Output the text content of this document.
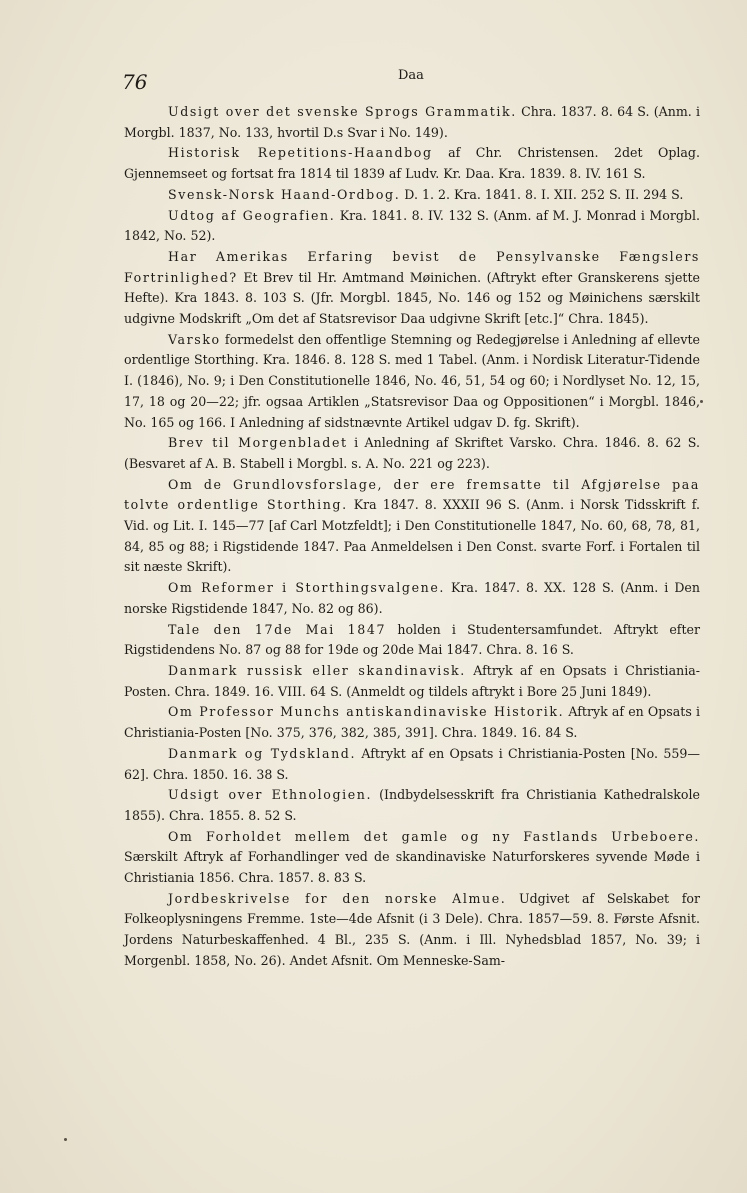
76	Daa

Udsigt over det svenske Sprogs Grammatik. Chra. 1837. 8. 64 S. (Anm. i Morgbl. 1837, No. 133, hvortil D.s Svar i No. 149).

Historisk Repetitions-Haandbog af Chr. Christensen. 2det Oplag. Gjennemseet og fortsat fra 1814 til 1839 af Ludv. Kr. Daa. Kra. 1839. 8. IV. 161 S.

Svensk-Norsk Haand-Ordbog. D. 1. 2. Kra. 1841. 8. I. XII. 252 S. II. 294 S.

Udtog af Geografien. Kra. 1841. 8. IV. 132 S. (Anm. af M. J. Monrad i Morgbl. 1842, No. 52).

Har Amerikas Erfaring bevist de Pensylvanske Fængslers Fortrinlighed? Et Brev til Hr. Amtmand Møinichen. (Aftrykt efter Granskerens sjette Hefte). Kra 1843. 8. 103 S. (Jfr. Morgbl. 1845, No. 146 og 152 og Møinichens særskilt udgivne Modskrift „Om det af Statsrevisor Daa udgivne Skrift [etc.]“ Chra. 1845).

Varsko formedelst den offentlige Stemning og Redegjørelse i Anledning af ellevte ordentlige Storthing. Kra. 1846. 8. 128 S. med 1 Tabel. (Anm. i Nordisk Literatur-Tidende I. (1846), No. 9; i Den Constitutionelle 1846, No. 46, 51, 54 og 60; i Nordlyset No. 12, 15, 17, 18 og 20—22; jfr. ogsaa Artiklen „Statsrevisor Daa og Oppositionen“ i Morgbl. 1846, No. 165 og 166. I Anledning af sidstnævnte Artikel udgav D. fg. Skrift).

Brev til Morgenbladet i Anledning af Skriftet Varsko. Chra. 1846. 8. 62 S. (Besvaret af A. B. Stabell i Morgbl. s. A. No. 221 og 223).

Om de Grundlovsforslage, der ere fremsatte til Afgjørelse paa tolvte ordentlige Storthing. Kra 1847. 8. XXXII 96 S. (Anm. i Norsk Tidsskrift f. Vid. og Lit. I. 145—77 [af Carl Motzfeldt]; i Den Constitutionelle 1847, No. 60, 68, 78, 81, 84, 85 og 88; i Rigstidende 1847. Paa Anmeldelsen i Den Const. svarte Forf. i Fortalen til sit næste Skrift).

Om Reformer i Storthingsvalgene. Kra. 1847. 8. XX. 128 S. (Anm. i Den norske Rigstidende 1847, No. 82 og 86).

Tale den 17de Mai 1847 holden i Studentersamfundet. Aftrykt efter Rigstidendens No. 87 og 88 for 19de og 20de Mai 1847. Chra. 8. 16 S.

Danmark russisk eller skandinavisk. Aftryk af en Opsats i Christiania-Posten. Chra. 1849. 16. VIII. 64 S. (Anmeldt og tildels aftrykt i Bore 25 Juni 1849).

Om Professor Munchs antiskandinaviske Historik. Aftryk af en Opsats i Christiania-Posten [No. 375, 376, 382, 385, 391]. Chra. 1849. 16. 84 S.

Danmark og Tydskland. Aftrykt af en Opsats i Christiania-Posten [No. 559—62]. Chra. 1850. 16. 38 S.

Udsigt over Ethnologien. (Indbydelsesskrift fra Christiania Kathedralskole 1855). Chra. 1855. 8. 52 S.

Om Forholdet mellem det gamle og ny Fastlands Urbeboere. Særskilt Aftryk af Forhandlinger ved de skandinaviske Naturforskeres syvende Møde i Christiania 1856. Chra. 1857. 8. 83 S.

Jordbeskrivelse for den norske Almue. Udgivet af Selskabet for Folkeoplysningens Fremme. 1ste—4de Afsnit (i 3 Dele). Chra. 1857—59. 8. Første Afsnit. Jordens Naturbeskaffenhed. 4 Bl., 235 S. (Anm. i Ill. Nyhedsblad 1857, No. 39; i Morgenbl. 1858, No. 26). Andet Afsnit. Om Menneske-Sam-
